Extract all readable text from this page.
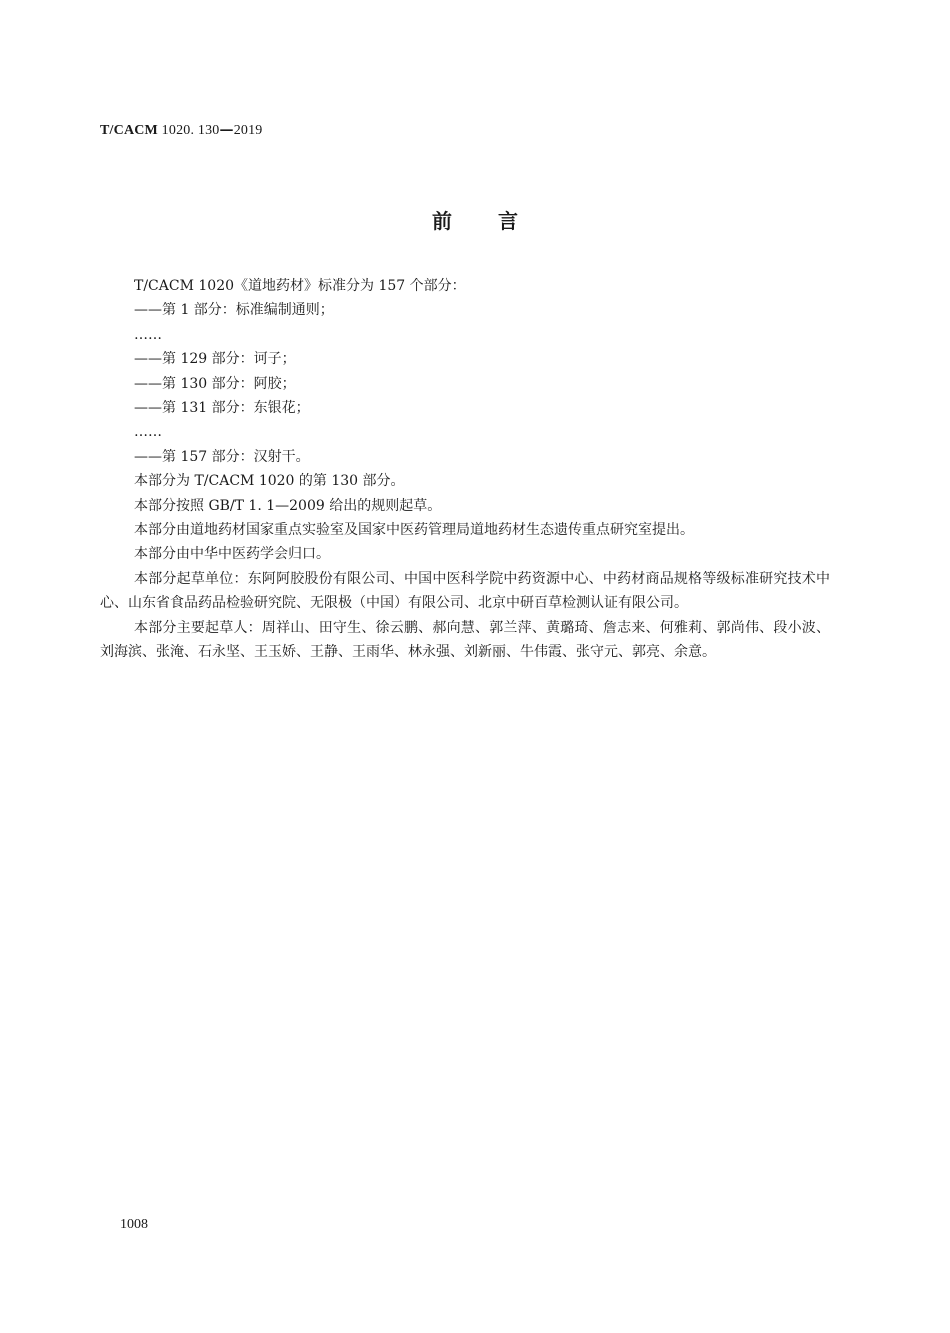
T/CACM 1020. 130—2019
前 言

T/CACM 1020《道地药材》标准分为 157 个部分：

——第 1 部分：标准编制通则；

……

——第 129 部分：诃子；

——第 130 部分：阿胶；

——第 131 部分：东银花；

……

——第 157 部分：汉射干。

本部分为 T/CACM 1020 的第 130 部分。

本部分按照 GB/T 1. 1—2009 给出的规则起草。

本部分由道地药材国家重点实验室及国家中医药管理局道地药材生态遗传重点研究室提出。

本部分由中华中医药学会归口。

本部分起草单位：东阿阿胶股份有限公司、中国中医科学院中药资源中心、中药材商品规格等级标准研究技术中心、山东省食品药品检验研究院、无限极（中国）有限公司、北京中研百草检测认证有限公司。

本部分主要起草人：周祥山、田守生、徐云鹏、郝向慧、郭兰萍、黄璐琦、詹志来、何雅莉、郭尚伟、段小波、刘海滨、张淹、石永坚、王玉娇、王静、王雨华、林永强、刘新丽、牛伟霞、张守元、郭亮、余意。

1008
